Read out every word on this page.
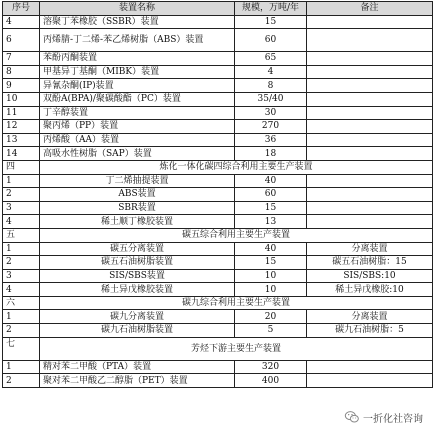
序号	装置名称	规模，万吨/年	备注
4	溶聚丁苯橡胶（SSBR）装置	15	
6	丙烯腈-丁二烯-苯乙烯树脂（ABS）装置	60	
7	苯酚丙酮装置	65	
8	甲基异丁基酮（MIBK）装置	4	
9	异氰杂酮(IP)装置	8	
10	双酚A(BPA)/聚碳酸酯（PC）装置	35/40	
11	丁辛醇装置	30	
12	聚丙烯（PP）装置	270	
13	丙烯酸（AA）装置	36	
14	高吸水性树脂（SAP）装置	18	
四	炼化一体化碳四综合利用主要生产装置		
1	丁二烯抽提装置	40	
2	ABS装置	60	
3	SBR装置	15	
4	稀土顺丁橡胶装置	13	
五	碳五综合利用主要生产装置		
1	碳五分离装置	40	分离装置
2	碳五石油树脂装置	15	碳五石油树脂：15
3	SIS/SBS装置	10	SIS/SBS:10
4	稀土异戊橡胶装置	10	稀土异戊橡胶:10
六	碳九综合利用主要生产装置		
1	碳九分离装置	20	分离装置
2	碳九石油树脂装置	5	碳九石油树脂：5
七	芳烃下游主要生产装置		
1	精对苯二甲酸（PTA）装置	320	
2	聚对苯二甲酸乙二醇脂（PET）装置	400	
一折化社咨询
